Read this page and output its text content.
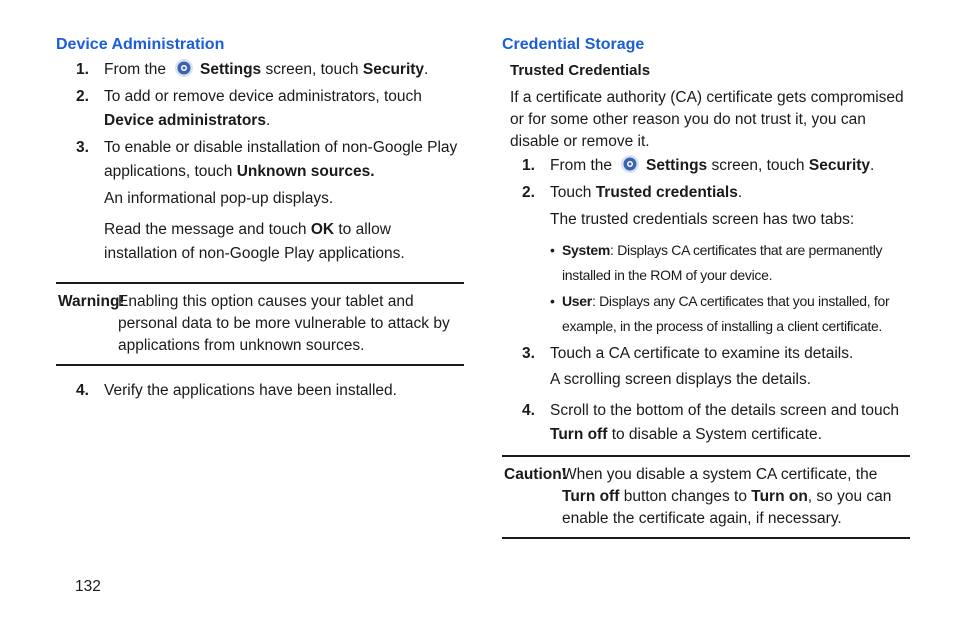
Device Administration

1. From the Settings screen, touch Security.

2. To add or remove device administrators, touch Device administrators.

3. To enable or disable installation of non-Google Play applications, touch Unknown sources.

An informational pop-up displays.

Read the message and touch OK to allow installation of non-Google Play applications.

Warning!
Enabling this option causes your tablet and personal data to be more vulnerable to attack by applications from unknown sources.

4. Verify the applications have been installed.

Credential Storage

Trusted Credentials

If a certificate authority (CA) certificate gets compromised or for some other reason you do not trust it, you can disable or remove it.

1. From the Settings screen, touch Security.

2. Touch Trusted credentials.

The trusted credentials screen has two tabs:

• System: Displays CA certificates that are permanently installed in the ROM of your device.

• User: Displays any CA certificates that you installed, for example, in the process of installing a client certificate.

3. Touch a CA certificate to examine its details.

A scrolling screen displays the details.

4. Scroll to the bottom of the details screen and touch Turn off to disable a System certificate.

Caution!
When you disable a system CA certificate, the Turn off button changes to Turn on, so you can enable the certificate again, if necessary.
132
